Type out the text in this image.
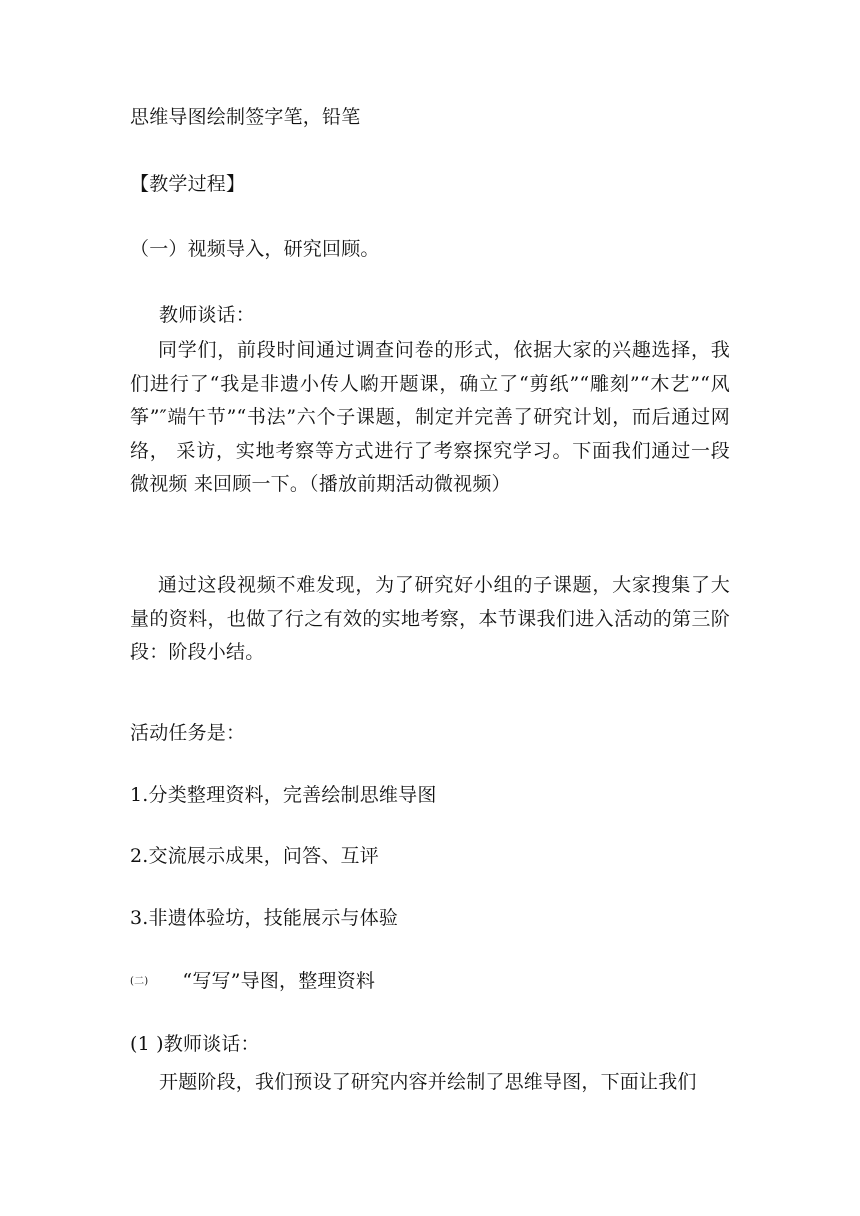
思维导图绘制签字笔，铅笔
【教学过程】
（一）视频导入，研究回顾。
教师谈话：
同学们，前段时间通过调查问卷的形式，依据大家的兴趣选择，我 们进行了“我是非遗小传人喲开题课，确立了“剪纸”“雕刻”“木艺”“风筝”″端午节”“书法”六个子课题，制定并完善了研究计划，而后通过网络， 采访，实地考察等方式进行了考察探究学习。下面我们通过一段微视频 来回顾一下。（播放前期活动微视频）
通过这段视频不难发现，为了研究好小组的子课题，大家搜集了大 量的资料，也做了行之有效的实地考察，本节课我们进入活动的第三阶 段：阶段小结。
活动任务是：
1.分类整理资料，完善绘制思维导图
2.交流展示成果，问答、互评
3.非遗体验坊，技能展示与体验
(二) “写写”导图，整理资料
(1 )教师谈话：
开题阶段，我们预设了研究内容并绘制了思维导图，下面让我们
